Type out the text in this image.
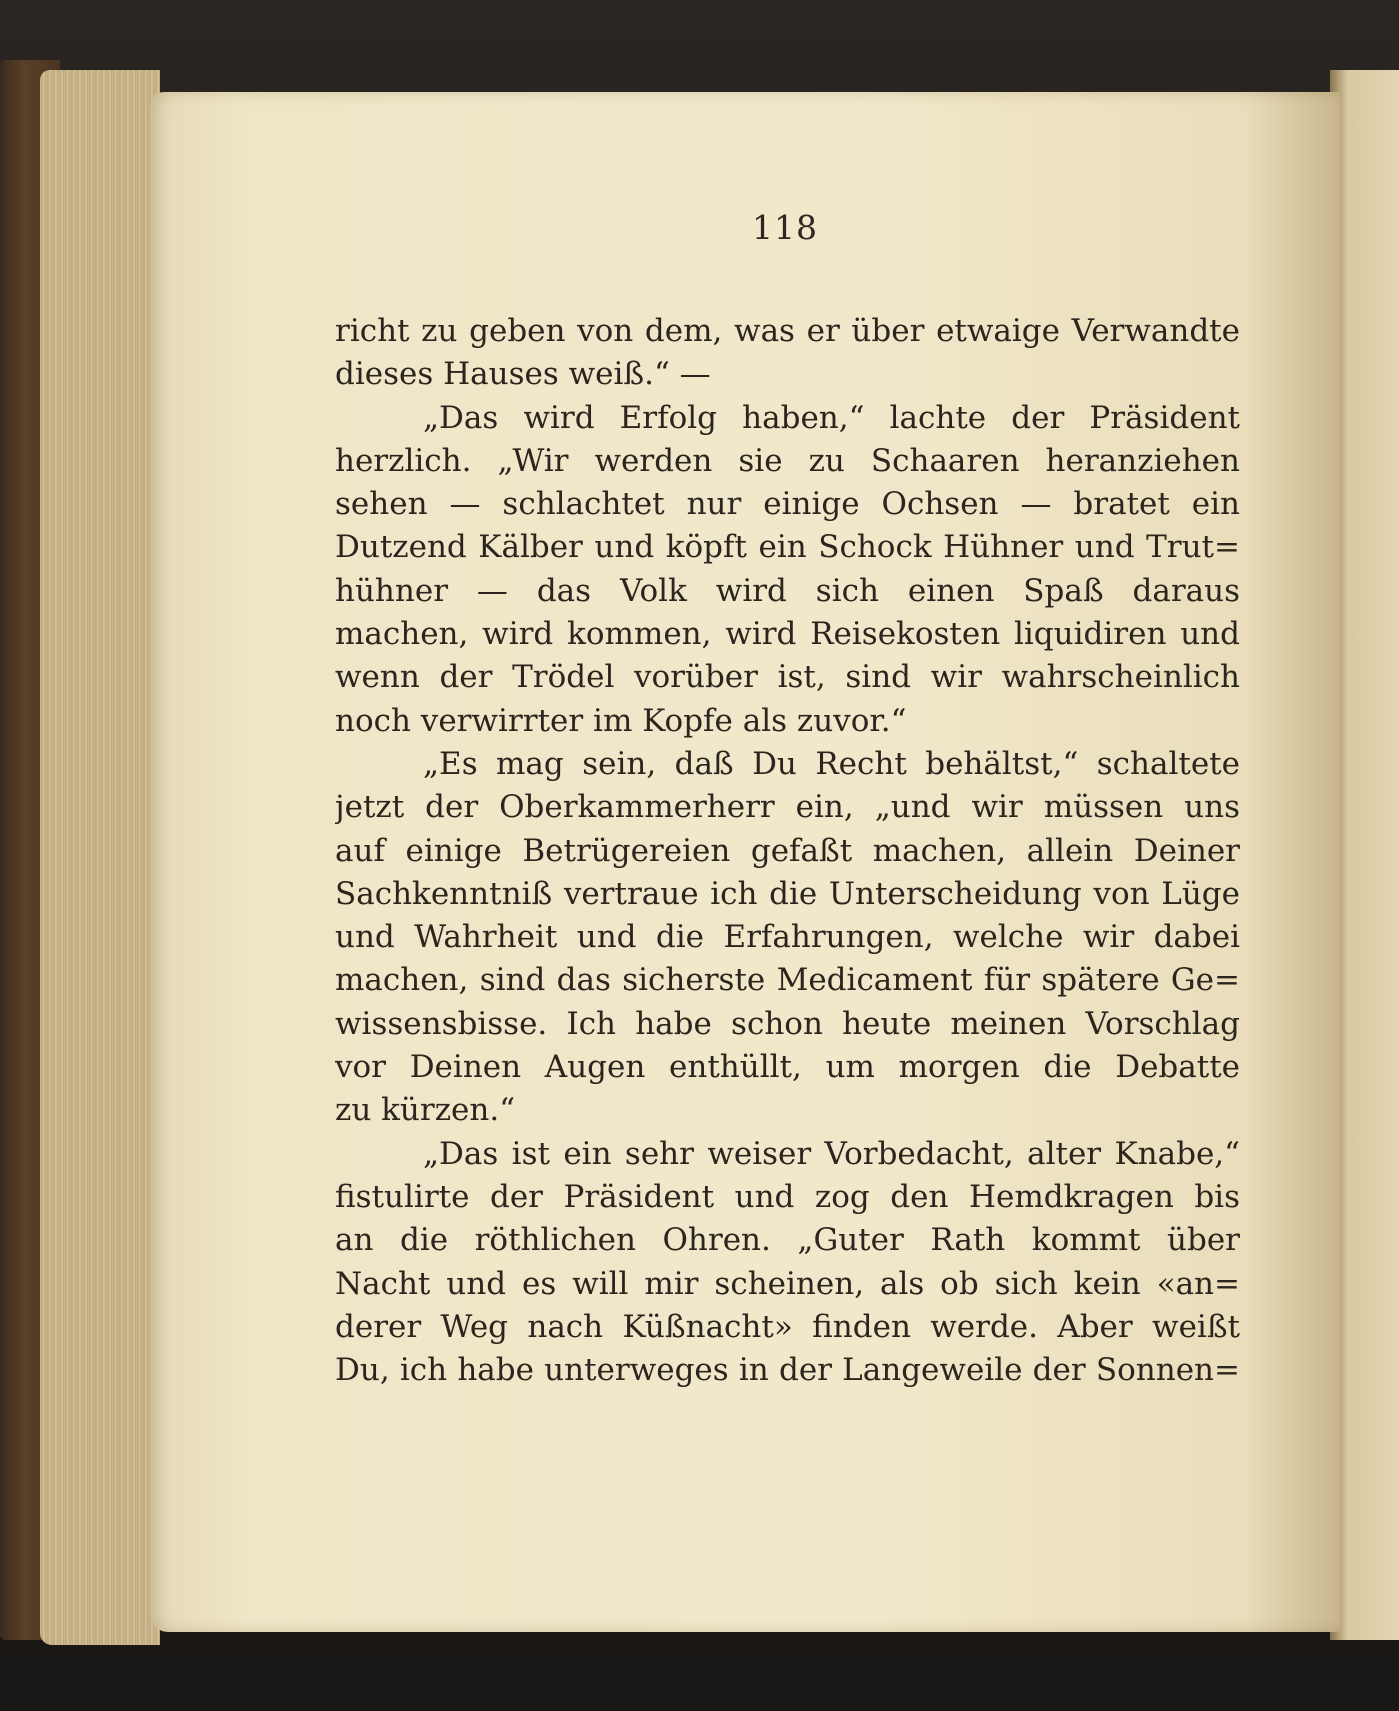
118
richt zu geben von dem, was er über etwaige Verwandte
dieses Hauses weiß.“ —
„Das wird Erfolg haben,“ lachte der Präsident
herzlich. „Wir werden sie zu Schaaren heranziehen
sehen — schlachtet nur einige Ochsen — bratet ein
Dutzend Kälber und köpft ein Schock Hühner und Trut=
hühner — das Volk wird sich einen Spaß daraus
machen, wird kommen, wird Reisekosten liquidiren und
wenn der Trödel vorüber ist, sind wir wahrscheinlich
noch verwirrter im Kopfe als zuvor.“
„Es mag sein, daß Du Recht behältst,“ schaltete
jetzt der Oberkammerherr ein, „und wir müssen uns
auf einige Betrügereien gefaßt machen, allein Deiner
Sachkenntniß vertraue ich die Unterscheidung von Lüge
und Wahrheit und die Erfahrungen, welche wir dabei
machen, sind das sicherste Medicament für spätere Ge=
wissensbisse. Ich habe schon heute meinen Vorschlag
vor Deinen Augen enthüllt, um morgen die Debatte
zu kürzen.“
„Das ist ein sehr weiser Vorbedacht, alter Knabe,“
fistulirte der Präsident und zog den Hemdkragen bis
an die röthlichen Ohren. „Guter Rath kommt über
Nacht und es will mir scheinen, als ob sich kein «an=
derer Weg nach Küßnacht» finden werde. Aber weißt
Du, ich habe unterweges in der Langeweile der Sonnen=
